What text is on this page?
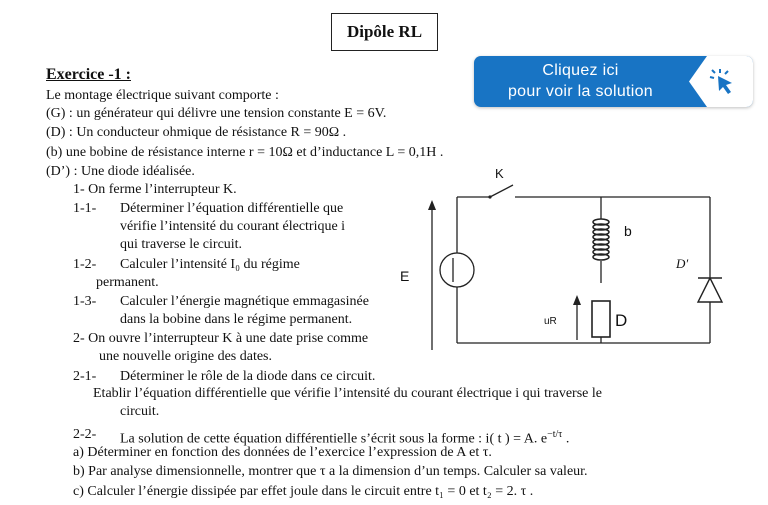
Dipôle RL
Cliquez ici
pour voir la solution
Exercice -1 :
Le montage électrique suivant comporte :
(G) : un générateur qui délivre une tension constante E = 6V.
(D) : Un conducteur ohmique de résistance R = 90Ω .
(b) une bobine de résistance interne r = 10Ω et d’inductance L = 0,1H .
(D’) : Une diode idéalisée.
1- On ferme l’interrupteur K.
1-1- Déterminer l’équation différentielle que
vérifie l’intensité du courant électrique i
qui traverse le circuit.
1-2- Calculer l’intensité I₀ du régime
permanent.
1-3- Calculer l’énergie magnétique emmagasinée
dans la bobine dans le régime permanent.
2- On ouvre l’interrupteur K à une date prise comme
une nouvelle origine des dates.
2-1- Déterminer le rôle de la diode dans ce circuit.
Etablir l’équation différentielle que vérifie l’intensité du courant électrique i qui traverse le
circuit.
2-2- La solution de cette équation différentielle s’écrit sous la forme : i( t ) = A. $e^{-t/\tau}$ .
a) Déterminer en fonction des données de l’exercice l’expression de A et τ.
b) Par analyse dimensionnelle, montrer que τ a la dimension d’un temps. Calculer sa valeur.
c) Calculer l’énergie dissipée par effet joule dans le circuit entre t₁ = 0 et t₂ = 2. τ .
K
b
D′
E
uR	D
